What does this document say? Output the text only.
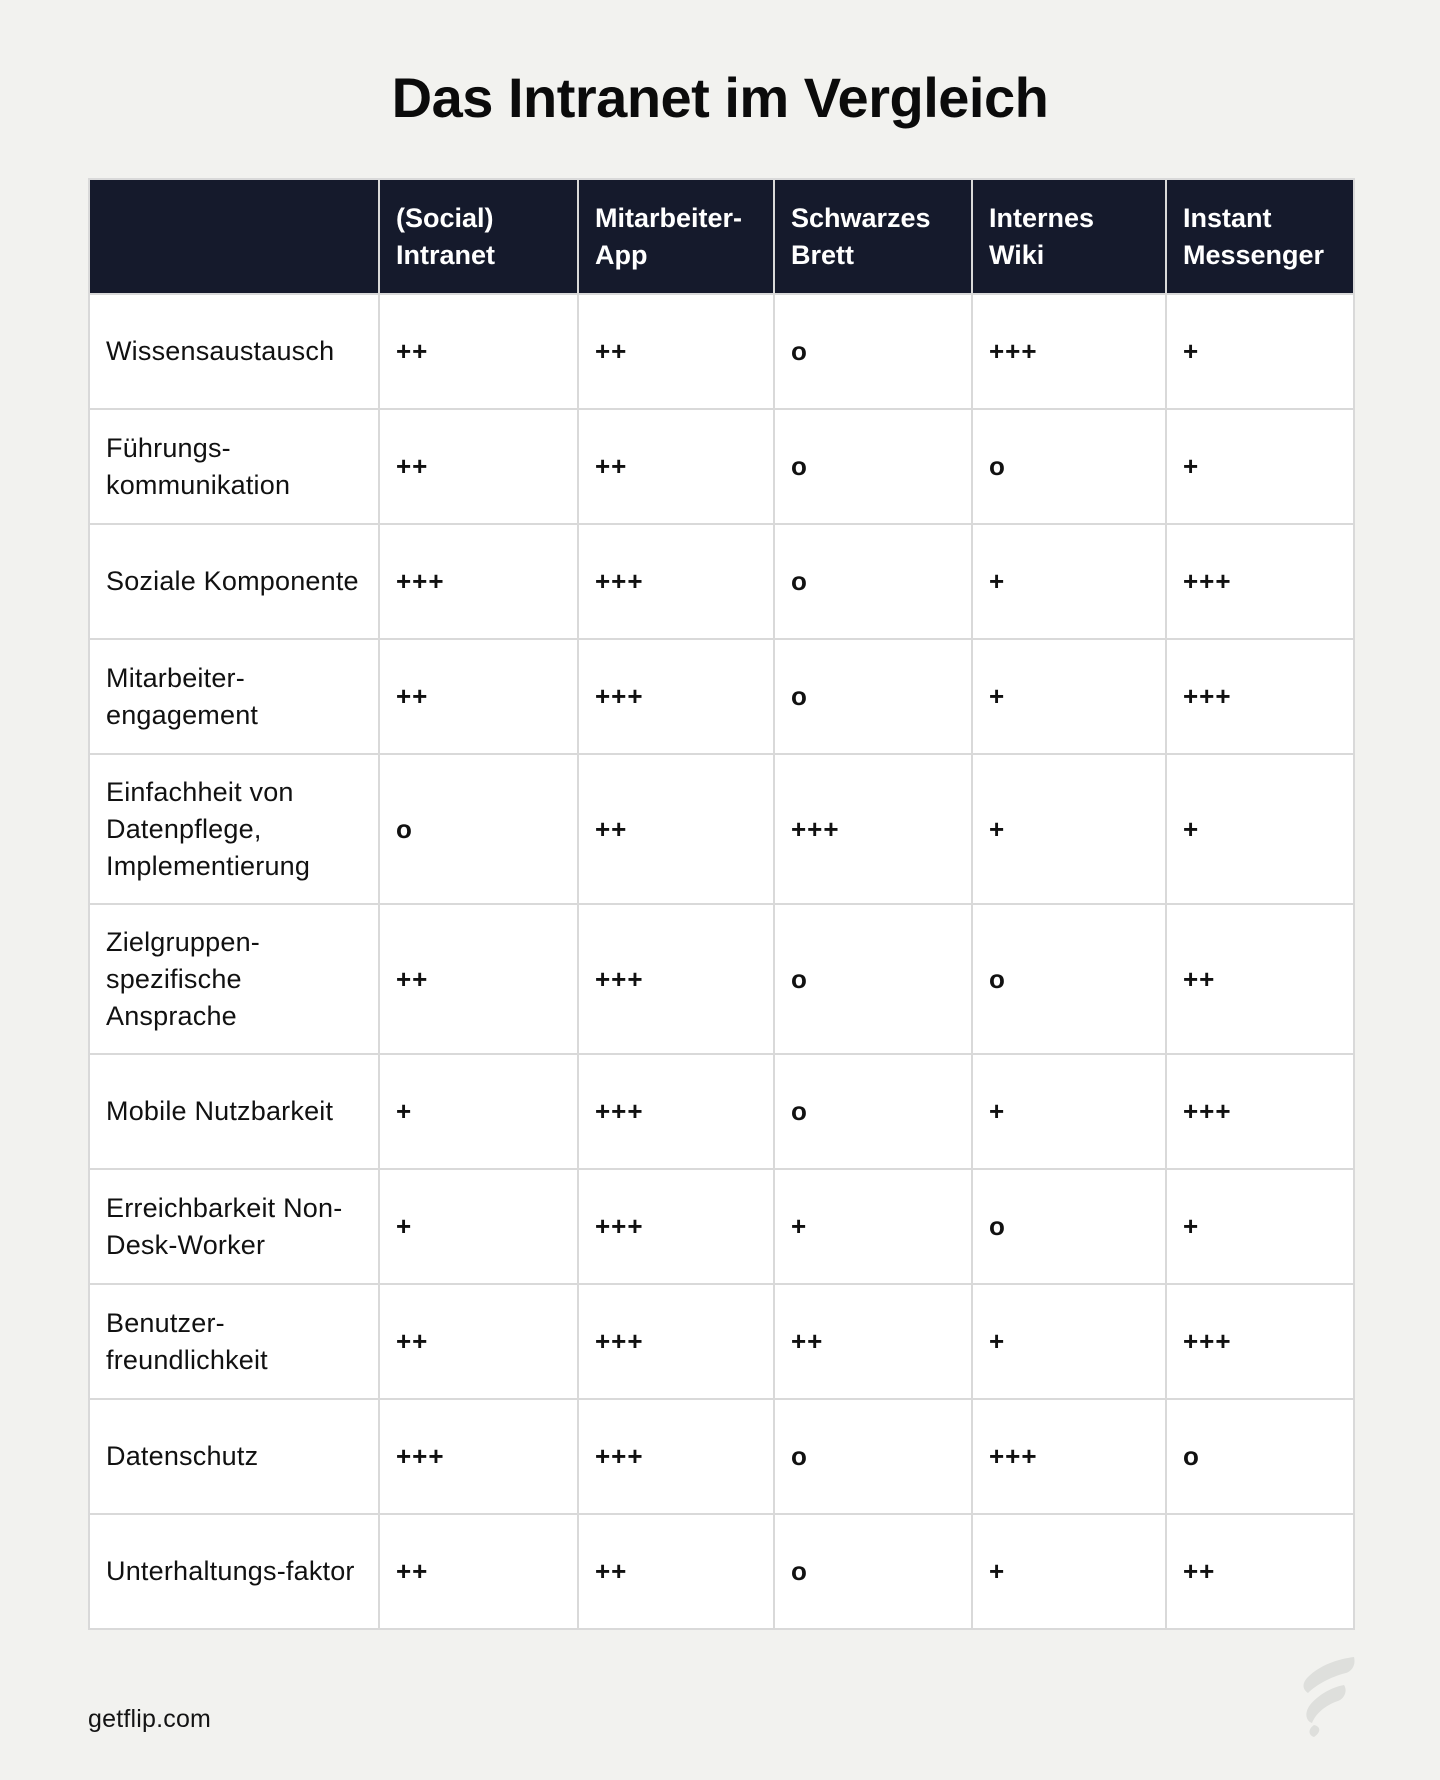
Das Intranet im Vergleich
	(Social) Intranet	Mitarbeiter-App	Schwarzes Brett	Internes Wiki	Instant Messenger
Wissensaustausch	++	++	o	+++	+
Führungs-kommunikation	++	++	o	o	+
Soziale Komponente	+++	+++	o	+	+++
Mitarbeiter-engagement	++	+++	o	+	+++
Einfachheit von Datenpflege, Implementierung	o	++	+++	+	+
Zielgruppen-spezifische Ansprache	++	+++	o	o	++
Mobile Nutzbarkeit	+	+++	o	+	+++
Erreichbarkeit Non-Desk-Worker	+	+++	+	o	+
Benutzer-freundlichkeit	++	+++	++	+	+++
Datenschutz	+++	+++	o	+++	o
Unterhaltungs-faktor	++	++	o	+	++
getflip.com
